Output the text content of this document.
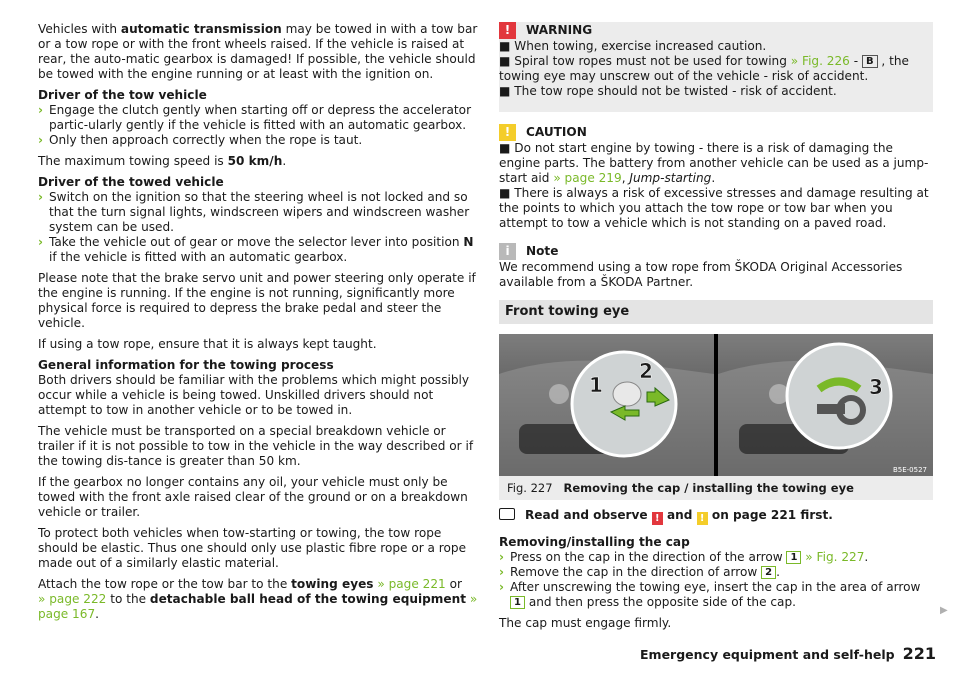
Vehicles with automatic transmission may be towed in with a tow bar or a tow rope or with the front wheels raised. If the vehicle is raised at rear, the auto-matic gearbox is damaged! If possible, the vehicle should be towed with the engine running or at least with the ignition on.

Driver of the tow vehicle
› Engage the clutch gently when starting off or depress the accelerator partic-ularly gently if the vehicle is fitted with an automatic gearbox.
› Only then approach correctly when the rope is taut.

The maximum towing speed is 50 km/h.

Driver of the towed vehicle
› Switch on the ignition so that the steering wheel is not locked and so that the turn signal lights, windscreen wipers and windscreen washer system can be used.
› Take the vehicle out of gear or move the selector lever into position N if the vehicle is fitted with an automatic gearbox.

Please note that the brake servo unit and power steering only operate if the engine is running. If the engine is not running, significantly more physical force is required to depress the brake pedal and steer the vehicle.

If using a tow rope, ensure that it is always kept taught.

General information for the towing process

Both drivers should be familiar with the problems which might possibly occur while a vehicle is being towed. Unskilled drivers should not attempt to tow in another vehicle or to be towed in.

The vehicle must be transported on a special breakdown vehicle or trailer if it is not possible to tow in the vehicle in the way described or if the towing dis-tance is greater than 50 km.

If the gearbox no longer contains any oil, your vehicle must only be towed with the front axle raised clear of the ground or on a breakdown vehicle or trailer.

To protect both vehicles when tow-starting or towing, the tow rope should be elastic. Thus one should only use plastic fibre rope or a rope made out of a similarly elastic material.

Attach the tow rope or the tow bar to the towing eyes » page 221 or
» page 222 to the detachable ball head of the towing equipment » page 167.

!	WARNING

■ When towing, exercise increased caution.

■ Spiral tow ropes must not be used for towing » Fig. 226 - B , the towing eye may unscrew out of the vehicle - risk of accident.

■ The tow rope should not be twisted - risk of accident.

!	CAUTION

■ Do not start engine by towing - there is a risk of damaging the engine parts. The battery from another vehicle can be used as a jump-start aid » page 219, Jump-starting.

■ There is always a risk of excessive stresses and damage resulting at the points to which you attach the tow rope or tow bar when you attempt to tow a vehicle which is not standing on a paved road.

i	Note

We recommend using a tow rope from ŠKODA Original Accessories available from a ŠKODA Partner.

Front towing eye
1
2
3
B5E-0527
Fig. 227 Removing the cap / installing the towing eye

Read and observe ! and ! on page 221 first.

Removing/installing the cap
› Press on the cap in the direction of the arrow 1 » Fig. 227.
› Remove the cap in the direction of arrow 2 .
› After unscrewing the towing eye, insert the cap in the area of arrow 1 and then press the opposite side of the cap.

The cap must engage firmly.

▶
Emergency equipment and self-help 221
